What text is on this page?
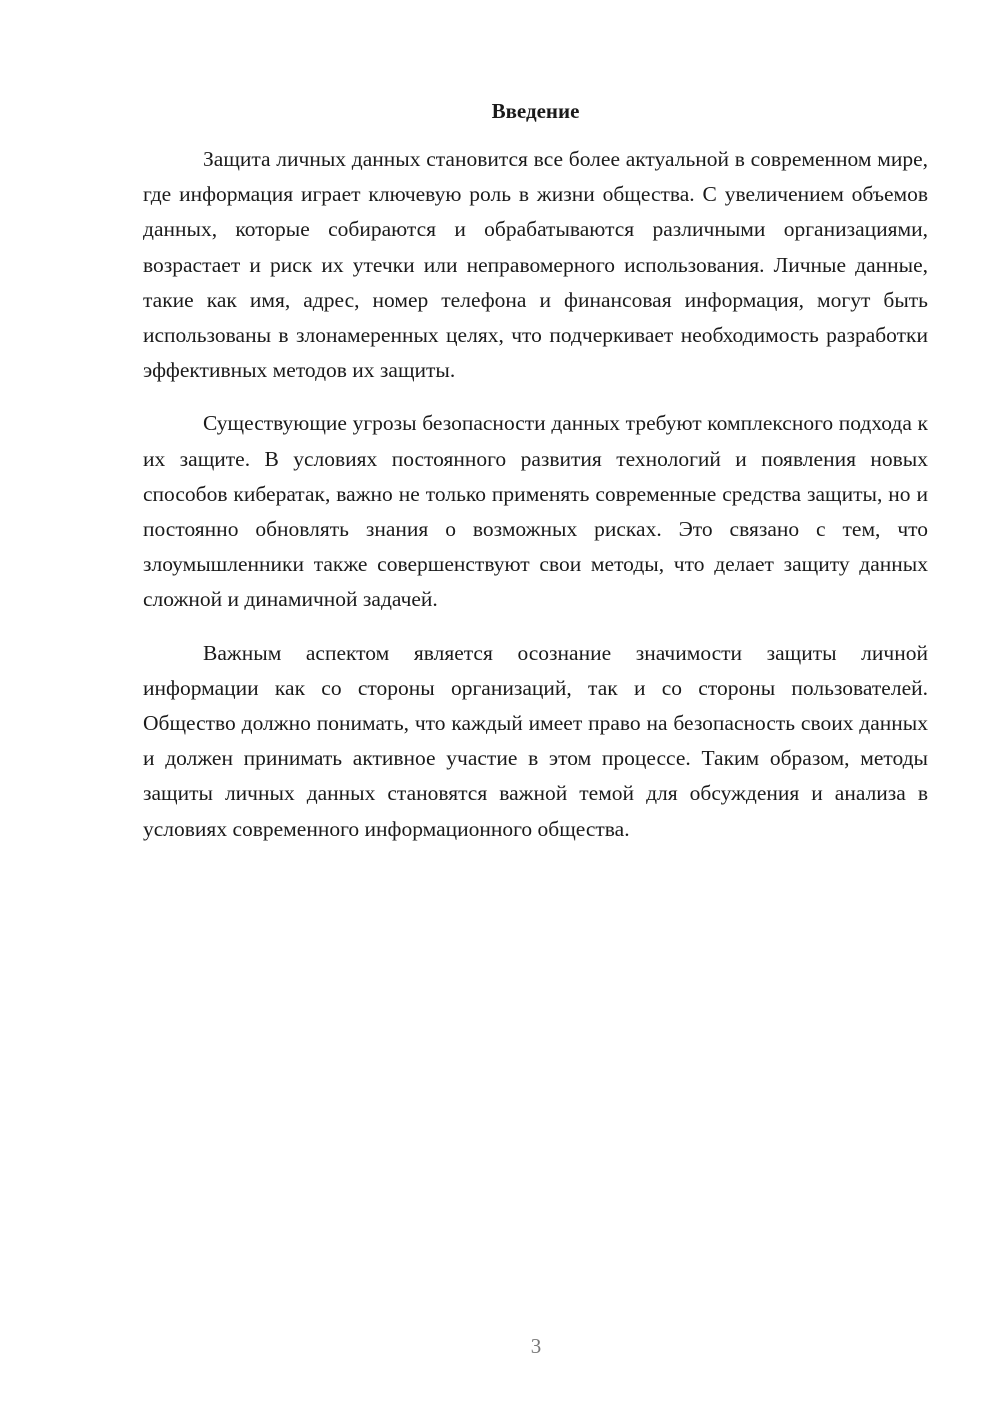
Введение

Защита личных данных становится все более актуальной в современном мире, где информация играет ключевую роль в жизни общества. С увеличением объемов данных, которые собираются и обрабатываются различными организациями, возрастает и риск их утечки или неправомерного использования. Личные данные, такие как имя, адрес, номер телефона и финансовая информация, могут быть использованы в злонамеренных целях, что подчеркивает необходимость разработки эффективных методов их защиты.

Существующие угрозы безопасности данных требуют комплексного подхода к их защите. В условиях постоянного развития технологий и появления новых способов кибератак, важно не только применять современные средства защиты, но и постоянно обновлять знания о возможных рисках. Это связано с тем, что злоумышленники также совершенствуют свои методы, что делает защиту данных сложной и динамичной задачей.

Важным аспектом является осознание значимости защиты личной информации как со стороны организаций, так и со стороны пользователей. Общество должно понимать, что каждый имеет право на безопасность своих данных и должен принимать активное участие в этом процессе. Таким образом, методы защиты личных данных становятся важной темой для обсуждения и анализа в условиях современного информационного общества.

3
